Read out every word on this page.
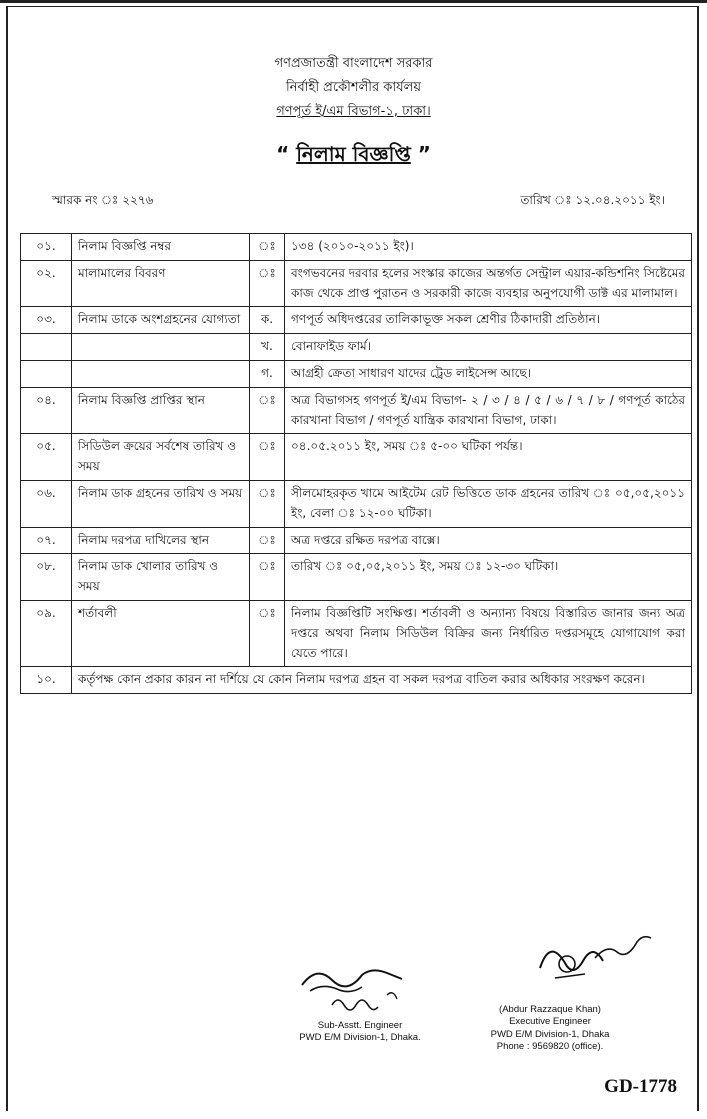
গণপ্রজাতন্ত্রী বাংলাদেশ সরকার
নির্বাহী প্রকৌশলীর কার্যলয়
গণপূর্ত ই/এম বিভাগ-১, ঢাকা।
“ নিলাম বিজ্ঞপ্তি ”
স্মারক নং ঃ ২২৭৬	তারিখ ঃ ১২.০৪.২০১১ ইং।
০১.	নিলাম বিজ্ঞপ্তি নম্বর	ঃ	১৩৪ (২০১০-২০১১ ইং)।
০২.	মালামালের বিবরণ	ঃ	বংগভবনের দরবার হলের সংস্কার কাজের অন্তর্গত সেন্ট্রাল এয়ার-কন্ডিশনিং সিষ্টেমের কাজ থেকে প্রাপ্ত পুরাতন ও সরকারী কাজে ব্যবহার অনুপযোগী ডাক্ট এর মালামাল।
০৩.	নিলাম ডাকে অংশগ্রহনের যোগ্যতা	ক.	গণপূর্ত অধিদপ্তরের তালিকাভূক্ত সকল শ্রেণীর ঠিকাদারী প্রতিষ্ঠান।
		খ.	বোনাফাইড ফার্ম।
		গ.	আগ্রহী ক্রেতা সাধারণ যাদের ট্রেড লাইসেন্স আছে।
০৪.	নিলাম বিজ্ঞপ্তি প্রাপ্তির স্থান	ঃ	অত্র বিভাগসহ গণপূর্ত ই/এম বিভাগ- ২ / ৩ / ৪ / ৫ / ৬ / ৭ / ৮ / গণপূর্ত কাঠের কারখানা বিভাগ / গণপূর্ত যান্ত্রিক কারখানা বিভাগ, ঢাকা।
০৫.	সিডিউল ক্রয়ের সর্বশেষ তারিখ ও সময়	ঃ	০৪.০৫.২০১১ ইং, সময় ঃ ৫-০০ ঘটিকা পর্যন্ত।
০৬.	নিলাম ডাক গ্রহনের তারিখ ও সময়	ঃ	সীলমোহরকৃত খামে আইটেম রেট ভিত্তিতে ডাক গ্রহনের তারিখ ঃ ০৫,০৫,২০১১ ইং, বেলা ঃ ১২-০০ ঘটিকা।
০৭.	নিলাম দরপত্র দাখিলের স্থান	ঃ	অত্র দপ্তরে রক্ষিত দরপত্র বাক্সে।
০৮.	নিলাম ডাক খোলার তারিখ ও সময়	ঃ	তারিখ ঃ ০৫,০৫,২০১১ ইং, সময় ঃ ১২-৩০ ঘটিকা।
০৯.	শর্তাবলী	ঃ	নিলাম বিজ্ঞপ্তিটি সংক্ষিপ্ত। শর্তাবলী ও অন্যান্য বিষয়ে বিস্তারিত জানার জন্য অত্র দপ্তরে অথবা নিলাম সিডিউল বিক্রির জন্য নির্ধারিত দপ্তরসমূহে যোগাযোগ করা যেতে পারে।
১০.	কর্তৃপক্ষ কোন প্রকার কারন না দর্শিয়ে যে কোন নিলাম দরপত্র গ্রহন বা সকল দরপত্র বাতিল করার অধিকার সংরক্ষণ করেন।		
Sub-Asstt. Engineer
PWD E/M Division-1, Dhaka.
(Abdur Razzaque Khan)
Executive Engineer
PWD E/M Division-1, Dhaka
Phone : 9569820 (office).
GD-1778
